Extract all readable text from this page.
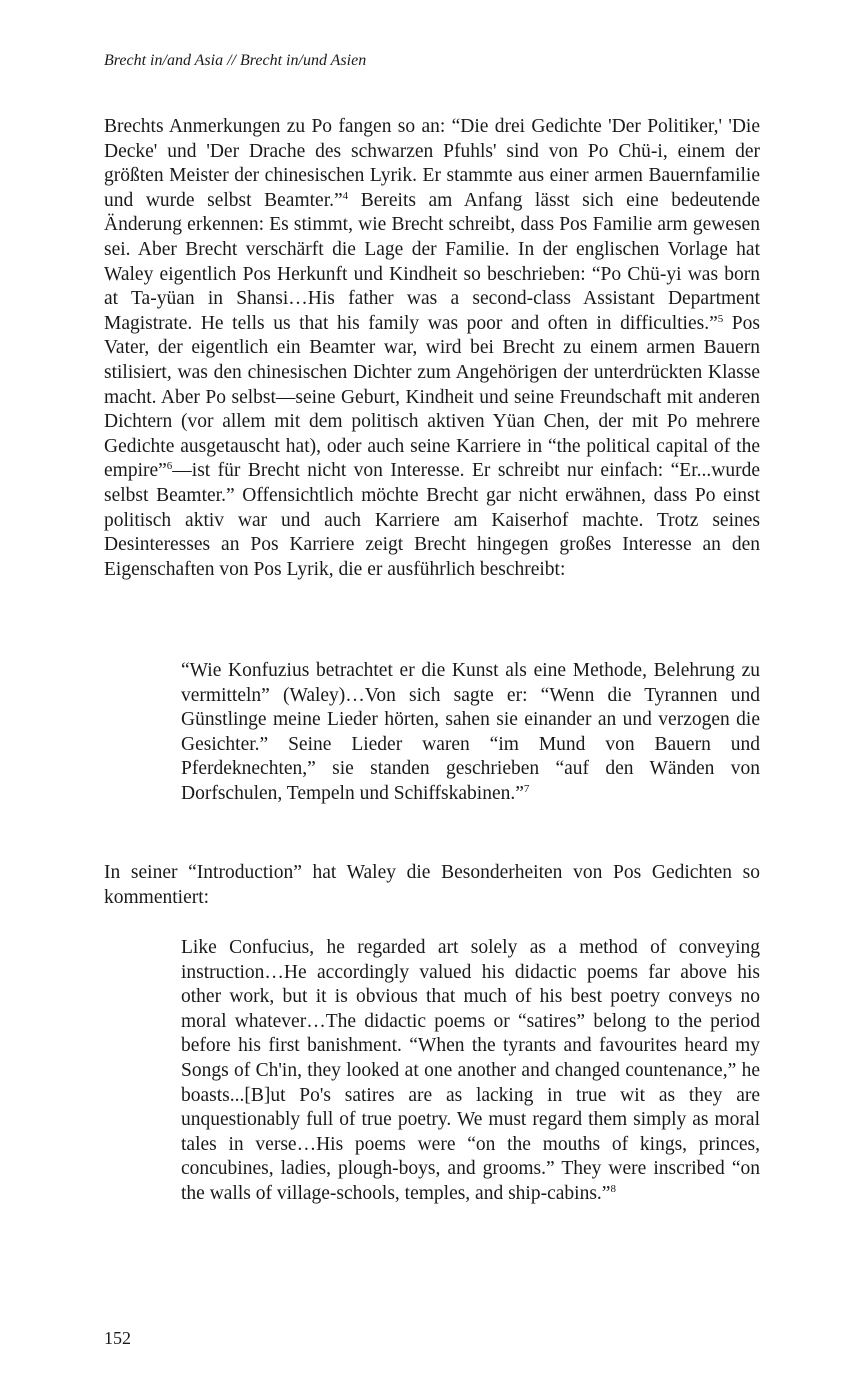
Brecht in/and Asia // Brecht in/und Asien

Brechts Anmerkungen zu Po fangen so an: “Die drei Gedichte 'Der Politiker,' 'Die Decke' und 'Der Drache des schwarzen Pfuhls' sind von Po Chü-i, einem der größten Meister der chinesischen Lyrik. Er stammte aus einer armen Bauernfamilie und wurde selbst Beamter.”$^4$ Bereits am Anfang lässt sich eine bedeutende Änderung erkennen: Es stimmt, wie Brecht schreibt, dass Pos Familie arm gewesen sei. Aber Brecht verschärft die Lage der Familie. In der englischen Vorlage hat Waley eigentlich Pos Herkunft und Kindheit so beschrieben: “Po Chü-yi was born at Ta-yüan in Shansi…His father was a second-class Assistant Department Magistrate. He tells us that his family was poor and often in difficulties.”$^5$ Pos Vater, der eigentlich ein Beamter war, wird bei Brecht zu einem armen Bauern stilisiert, was den chinesischen Dichter zum Angehörigen der unterdrückten Klasse macht. Aber Po selbst—seine Geburt, Kindheit und seine Freundschaft mit anderen Dichtern (vor allem mit dem politisch aktiven Yüan Chen, der mit Po mehrere Gedichte ausgetauscht hat), oder auch seine Karriere in “the political capital of the empire”$^6$—ist für Brecht nicht von Interesse. Er schreibt nur einfach: “Er...wurde selbst Beamter.” Offensichtlich möchte Brecht gar nicht erwähnen, dass Po einst politisch aktiv war und auch Karriere am Kaiserhof machte. Trotz seines Desinteresses an Pos Karriere zeigt Brecht hingegen großes Interesse an den Eigenschaften von Pos Lyrik, die er ausführlich beschreibt:

“Wie Konfuzius betrachtet er die Kunst als eine Methode, Belehrung zu vermitteln” (Waley)…Von sich sagte er: “Wenn die Tyrannen und Günstlinge meine Lieder hörten, sahen sie einander an und verzogen die Gesichter.” Seine Lieder waren “im Mund von Bauern und Pferdeknechten,” sie standen geschrieben “auf den Wänden von Dorfschulen, Tempeln und Schiffskabinen.”$^7$

In seiner “Introduction” hat Waley die Besonderheiten von Pos Gedichten so kommentiert:

Like Confucius, he regarded art solely as a method of conveying instruction…He accordingly valued his didactic poems far above his other work, but it is obvious that much of his best poetry conveys no moral whatever…The didactic poems or “satires” belong to the period before his first banishment. “When the tyrants and favourites heard my Songs of Ch'in, they looked at one another and changed countenance,” he boasts...[B]ut Po's satires are as lacking in true wit as they are unquestionably full of true poetry. We must regard them simply as moral tales in verse…His poems were “on the mouths of kings, princes, concubines, ladies, plough-boys, and grooms.” They were inscribed “on the walls of village-schools, temples, and ship-cabins.”$^8$

152
